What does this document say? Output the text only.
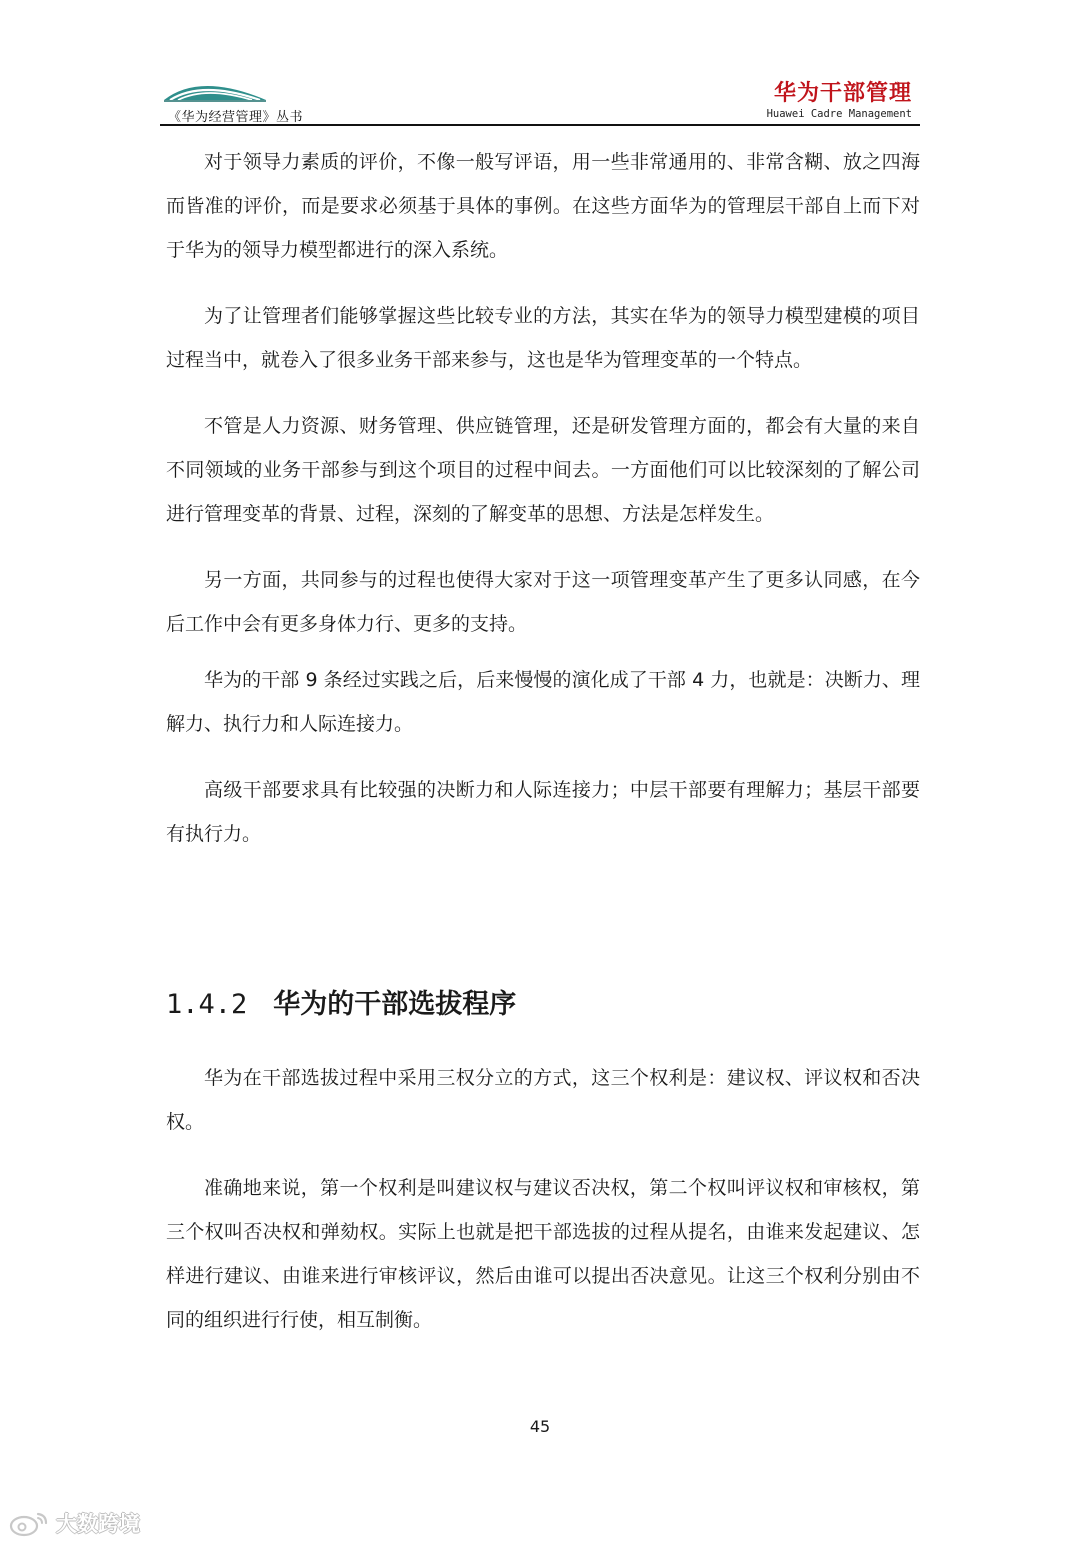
《华为经营管理》丛书
华为干部管理
Huawei Cadre Management

对于领导力素质的评价，不像一般写评语，用一些非常通用的、非常含糊、放之四海而皆准的评价，而是要求必须基于具体的事例。在这些方面华为的管理层干部自上而下对于华为的领导力模型都进行的深入系统。

为了让管理者们能够掌握这些比较专业的方法，其实在华为的领导力模型建模的项目过程当中，就卷入了很多业务干部来参与，这也是华为管理变革的一个特点。

不管是人力资源、财务管理、供应链管理，还是研发管理方面的，都会有大量的来自不同领域的业务干部参与到这个项目的过程中间去。一方面他们可以比较深刻的了解公司进行管理变革的背景、过程，深刻的了解变革的思想、方法是怎样发生。

另一方面，共同参与的过程也使得大家对于这一项管理变革产生了更多认同感，在今后工作中会有更多身体力行、更多的支持。

华为的干部 9 条经过实践之后，后来慢慢的演化成了干部 4 力，也就是：决断力、理解力、执行力和人际连接力。

高级干部要求具有比较强的决断力和人际连接力；中层干部要有理解力；基层干部要有执行力。

1.4.2 华为的干部选拔程序

华为在干部选拔过程中采用三权分立的方式，这三个权利是：建议权、评议权和否决权。

准确地来说，第一个权利是叫建议权与建议否决权，第二个权叫评议权和审核权，第三个权叫否决权和弹劾权。实际上也就是把干部选拔的过程从提名，由谁来发起建议、怎样进行建议、由谁来进行审核评议，然后由谁可以提出否决意见。让这三个权利分别由不同的组织进行行使，相互制衡。

45
大数跨境
